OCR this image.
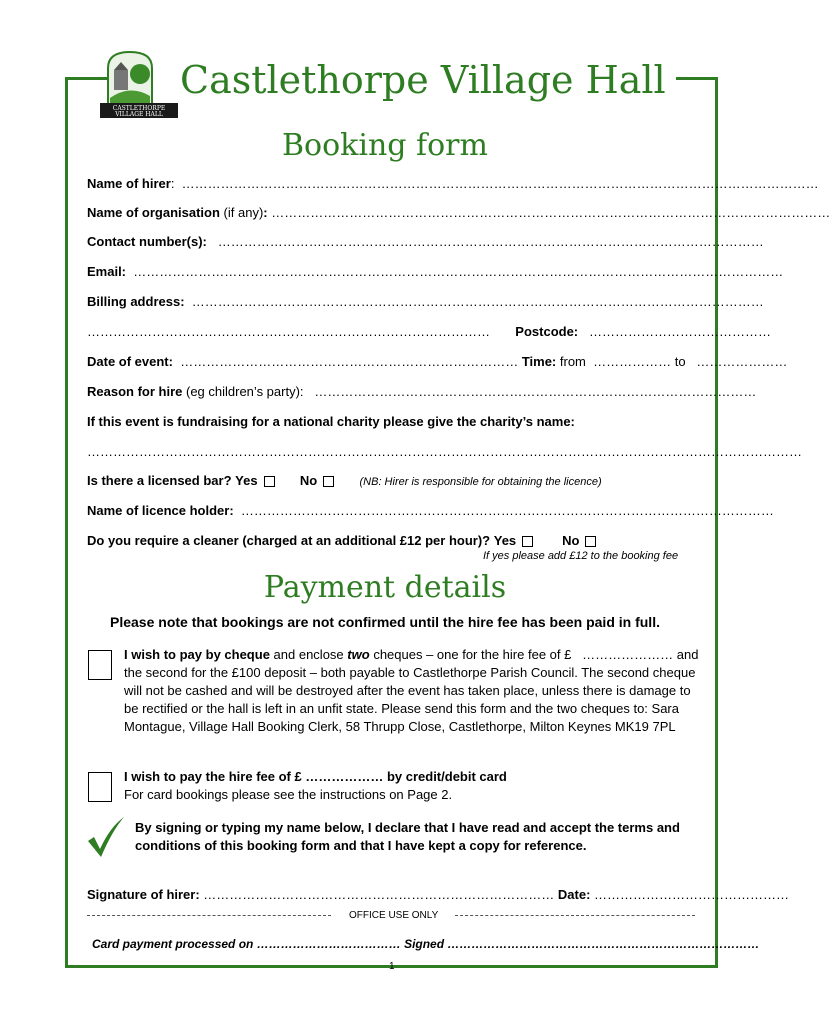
CASTLETHORPE
VILLAGE HALL
Castlethorpe Village Hall
Booking form
Name of hirer:  …………………………………………………………………………………………………………………………………
Name of organisation (if any): …………………………………………………………………………………………………………………
Contact number(s):   ………………………………………………………………………………………………………………
Email:  ……………………………………………………………………………………………………………………………………
Billing address:  ……………………………………………………………………………………………………………………
…………………………………………………………………………………       Postcode:   ……………………………………
Date of event:  …………………………………………………………………… Time: from  ……………… to   …………………
Reason for hire (eg children’s party):   …………………………………………………………………………………………
If this event is fundraising for a national charity please give the charity’s name:
…………………………………………………………………………………………………………………………………………………
Is there a licensed bar? Yes	No	(NB: Hirer is responsible for obtaining the licence)
Name of licence holder:  ……………………………………………………………………………………………………………
Do you require a cleaner (charged at an additional £12 per hour)? Yes	No
If yes please add £12 to the booking fee
Payment details
Please note that bookings are not confirmed until the hire fee has been paid in full.
I wish to pay by cheque and enclose two cheques – one for the hire fee of £   ………………… and the second for the £100 deposit – both payable to Castlethorpe Parish Council. The second cheque will not be cashed and will be destroyed after the event has taken place, unless there is damage to be rectified or the hall is left in an unfit state. Please send this form and the two cheques to: Sara Montague, Village Hall Booking Clerk, 58 Thrupp Close, Castlethorpe, Milton Keynes MK19 7PL
I wish to pay the hire fee of £ ……………… by credit/debit card
For card bookings please see the instructions on Page 2.
By signing or typing my name below, I declare that I have read and accept the terms and conditions of this booking form and that I have kept a copy for reference.
Signature of hirer: ……………………………………………………………………… Date: ………………………………………
OFFICE USE ONLY
Card payment processed on ……………………………… Signed ……………………………………………………………………
1
